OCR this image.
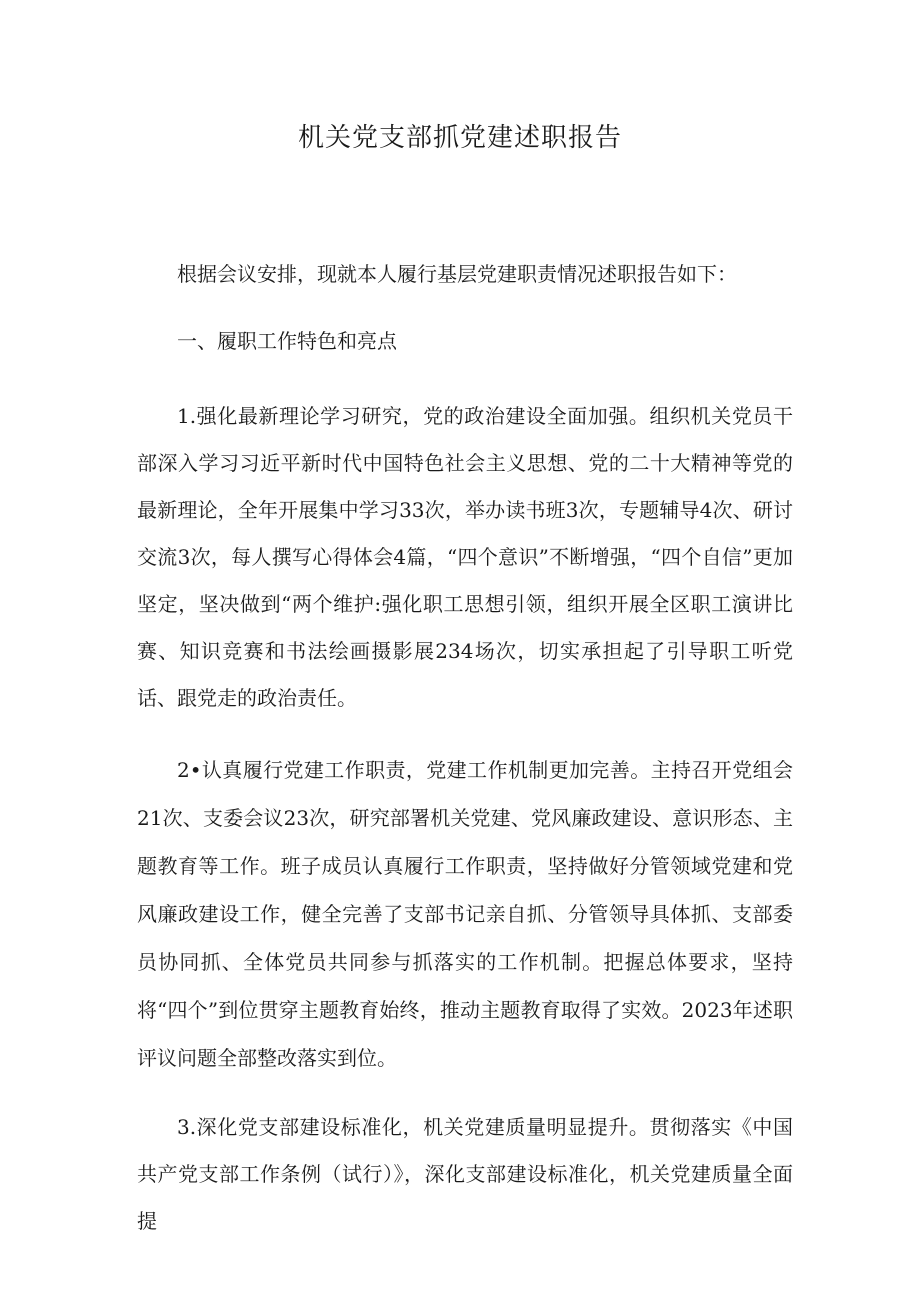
机关党支部抓党建述职报告

根据会议安排，现就本人履行基层党建职责情况述职报告如下：

一、履职工作特色和亮点

1.强化最新理论学习研究，党的政治建设全面加强。组织机关党员干部深入学习习近平新时代中国特色社会主义思想、党的二十大精神等党的最新理论，全年开展集中学习33次，举办读书班3次，专题辅导4次、研讨交流3次，每人撰写心得体会4篇，“四个意识”不断增强，“四个自信”更加坚定，坚决做到“两个维护:强化职工思想引领，组织开展全区职工演讲比赛、知识竞赛和书法绘画摄影展234场次，切实承担起了引导职工听党话、跟党走的政治责任。

2•认真履行党建工作职责，党建工作机制更加完善。主持召开党组会21次、支委会议23次，研究部署机关党建、党风廉政建设、意识形态、主题教育等工作。班子成员认真履行工作职责，坚持做好分管领域党建和党风廉政建设工作，健全完善了支部书记亲自抓、分管领导具体抓、支部委员协同抓、全体党员共同参与抓落实的工作机制。把握总体要求，坚持将“四个”到位贯穿主题教育始终，推动主题教育取得了实效。2023年述职评议问题全部整改落实到位。

3.深化党支部建设标准化，机关党建质量明显提升。贯彻落实《中国共产党支部工作条例（试行）》，深化支部建设标准化，机关党建质量全面提
